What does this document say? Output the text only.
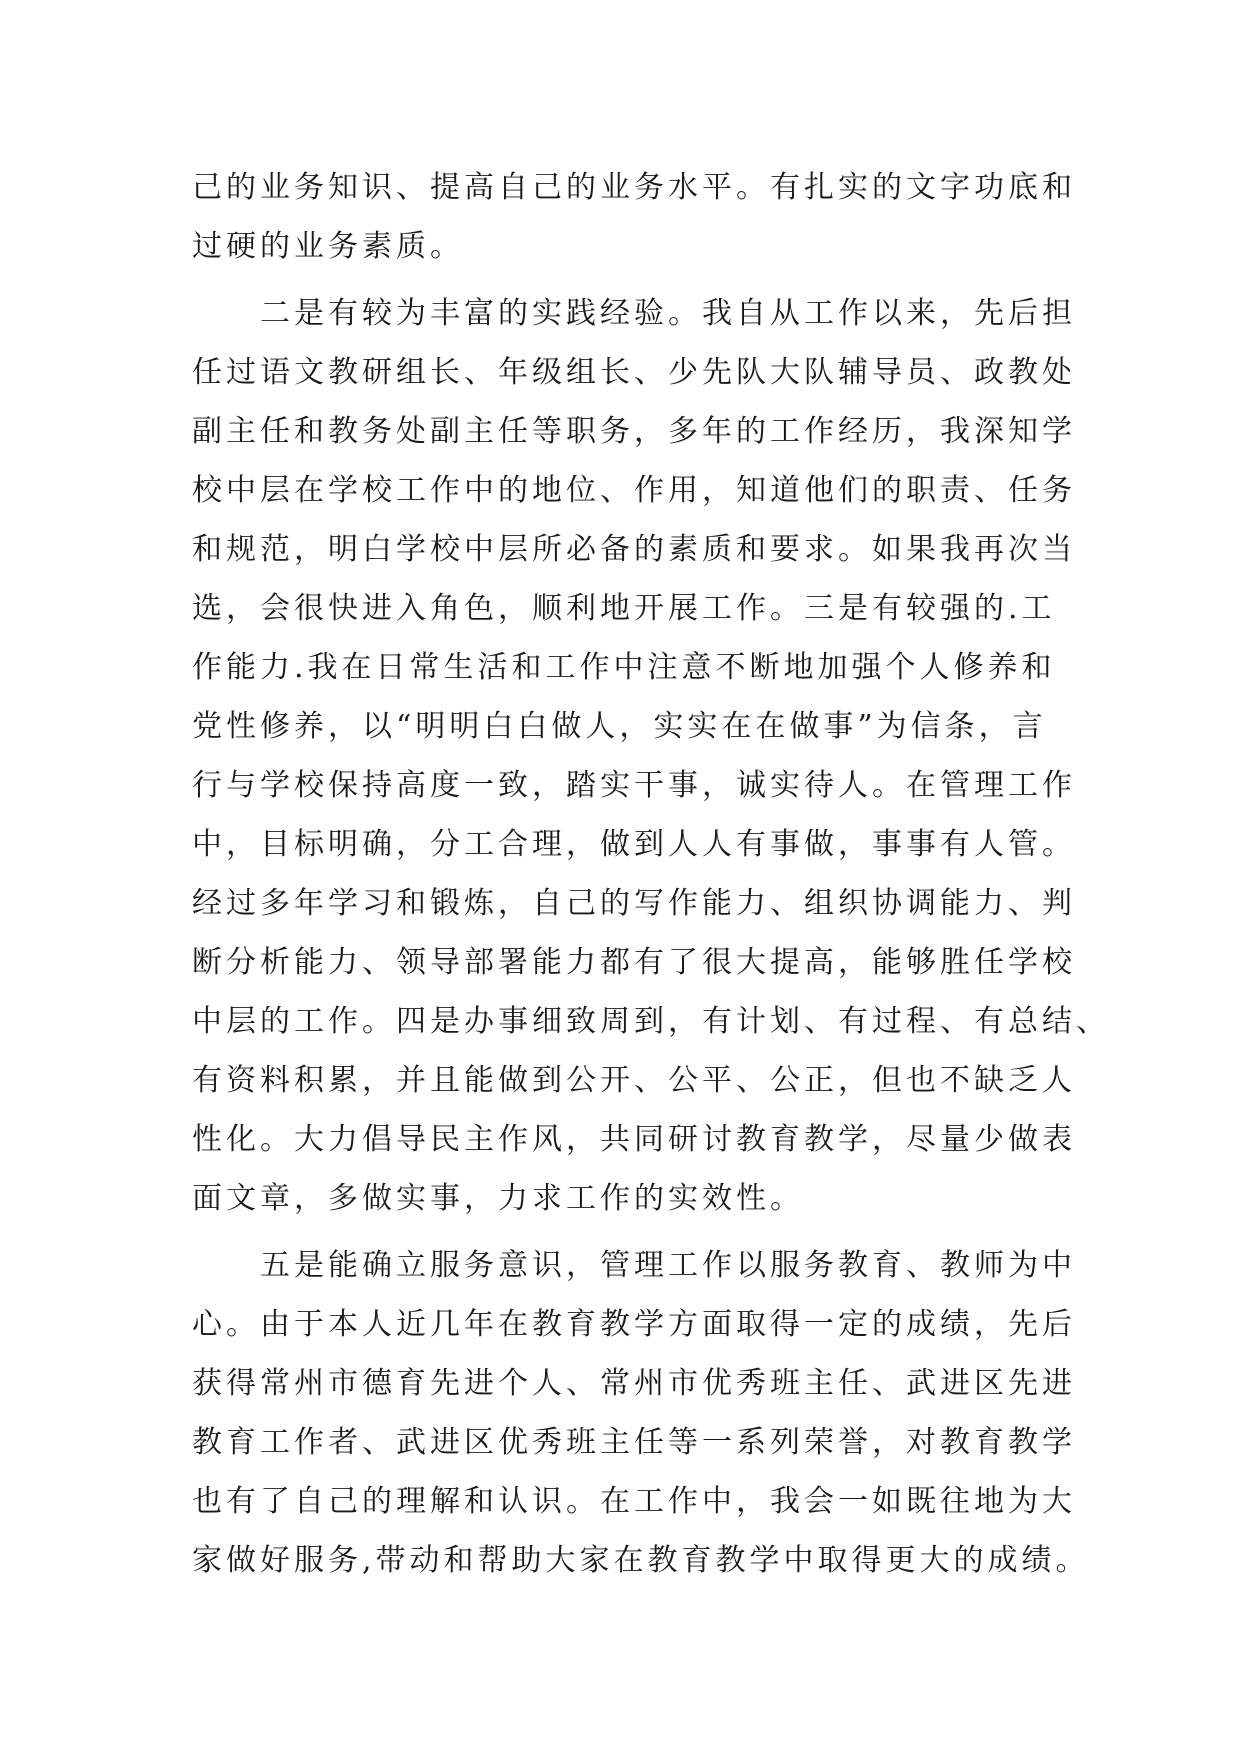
己的业务知识、提高自己的业务水平。有扎实的文字功底和
过硬的业务素质。
二是有较为丰富的实践经验。我自从工作以来，先后担
任过语文教研组长、年级组长、少先队大队辅导员、政教处
副主任和教务处副主任等职务，多年的工作经历，我深知学
校中层在学校工作中的地位、作用，知道他们的职责、任务
和规范，明白学校中层所必备的素质和要求。如果我再次当
选，会很快进入角色，顺利地开展工作。三是有较强的.工
作能力.我在日常生活和工作中注意不断地加强个人修养和
党性修养，以“明明白白做人，实实在在做事”为信条，言
行与学校保持高度一致，踏实干事，诚实待人。在管理工作
中，目标明确，分工合理，做到人人有事做，事事有人管。
经过多年学习和锻炼，自己的写作能力、组织协调能力、判
断分析能力、领导部署能力都有了很大提高，能够胜任学校
中层的工作。四是办事细致周到，有计划、有过程、有总结、
有资料积累，并且能做到公开、公平、公正，但也不缺乏人
性化。大力倡导民主作风，共同研讨教育教学，尽量少做表
面文章，多做实事，力求工作的实效性。
五是能确立服务意识，管理工作以服务教育、教师为中
心。由于本人近几年在教育教学方面取得一定的成绩，先后
获得常州市德育先进个人、常州市优秀班主任、武进区先进
教育工作者、武进区优秀班主任等一系列荣誉，对教育教学
也有了自己的理解和认识。在工作中，我会一如既往地为大
家做好服务,带动和帮助大家在教育教学中取得更大的成绩。
